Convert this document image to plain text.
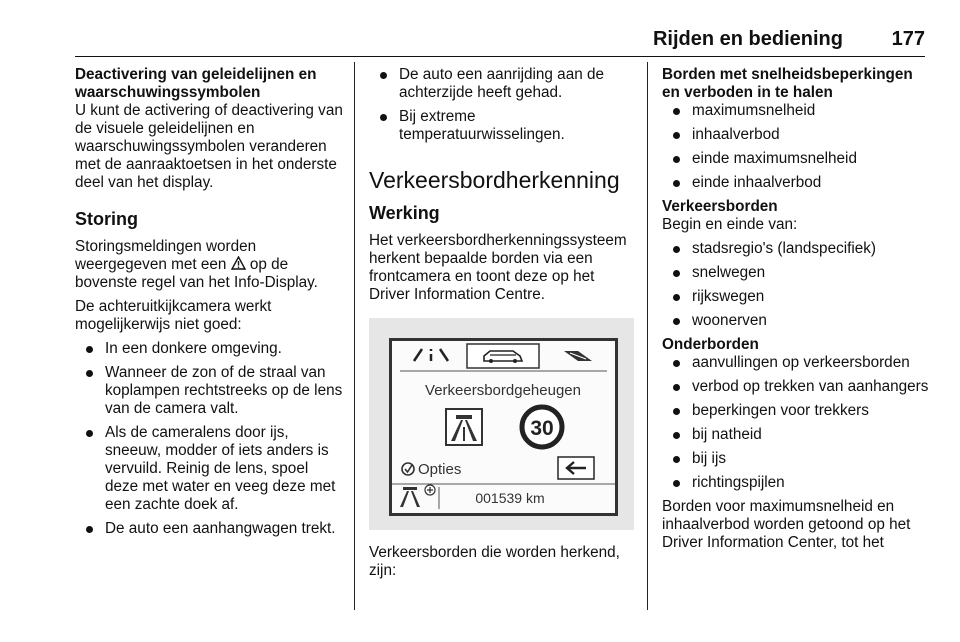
Rijden en bediening 177

Deactivering van geleidelijnen en waarschuwingssymbolen

U kunt de activering of deactivering van de visuele geleidelijnen en waarschuwingssymbolen veranderen met de aanraaktoetsen in het onderste deel van het display.

Storing

Storingsmeldingen worden weergegeven met een op de bovenste regel van het Info-Display.

De achteruitkijkcamera werkt mogelijkerwijs niet goed:

In een donkere omgeving.
Wanneer de zon of de straal van koplampen rechtstreeks op de lens van de camera valt.
Als de cameralens door ijs, sneeuw, modder of iets anders is vervuild. Reinig de lens, spoel deze met water en veeg deze met een zachte doek af.
De auto een aanhangwagen trekt.
De auto een aanrijding aan de achterzijde heeft gehad.
Bij extreme temperatuurwisselingen.
Verkeersbordherkenning
Werking

Het verkeersbordherkenningssysteem herkent bepaalde borden via een frontcamera en toont deze op het Driver Information Centre.

Verkeersbordgeheugen
30
Opties
001539 km

Verkeersborden die worden herkend, zijn:

Borden met snelheidsbeperkingen en verboden in te halen

maximumsnelheid
inhaalverbod
einde maximumsnelheid
einde inhaalverbod

Verkeersborden

Begin en einde van:

stadsregio's (landspecifiek)
snelwegen
rijkswegen
woonerven

Onderborden

aanvullingen op verkeersborden
verbod op trekken van aanhangers
beperkingen voor trekkers
bij natheid
bij ijs
richtingspijlen

Borden voor maximumsnelheid en inhaalverbod worden getoond op het Driver Information Center, tot het
